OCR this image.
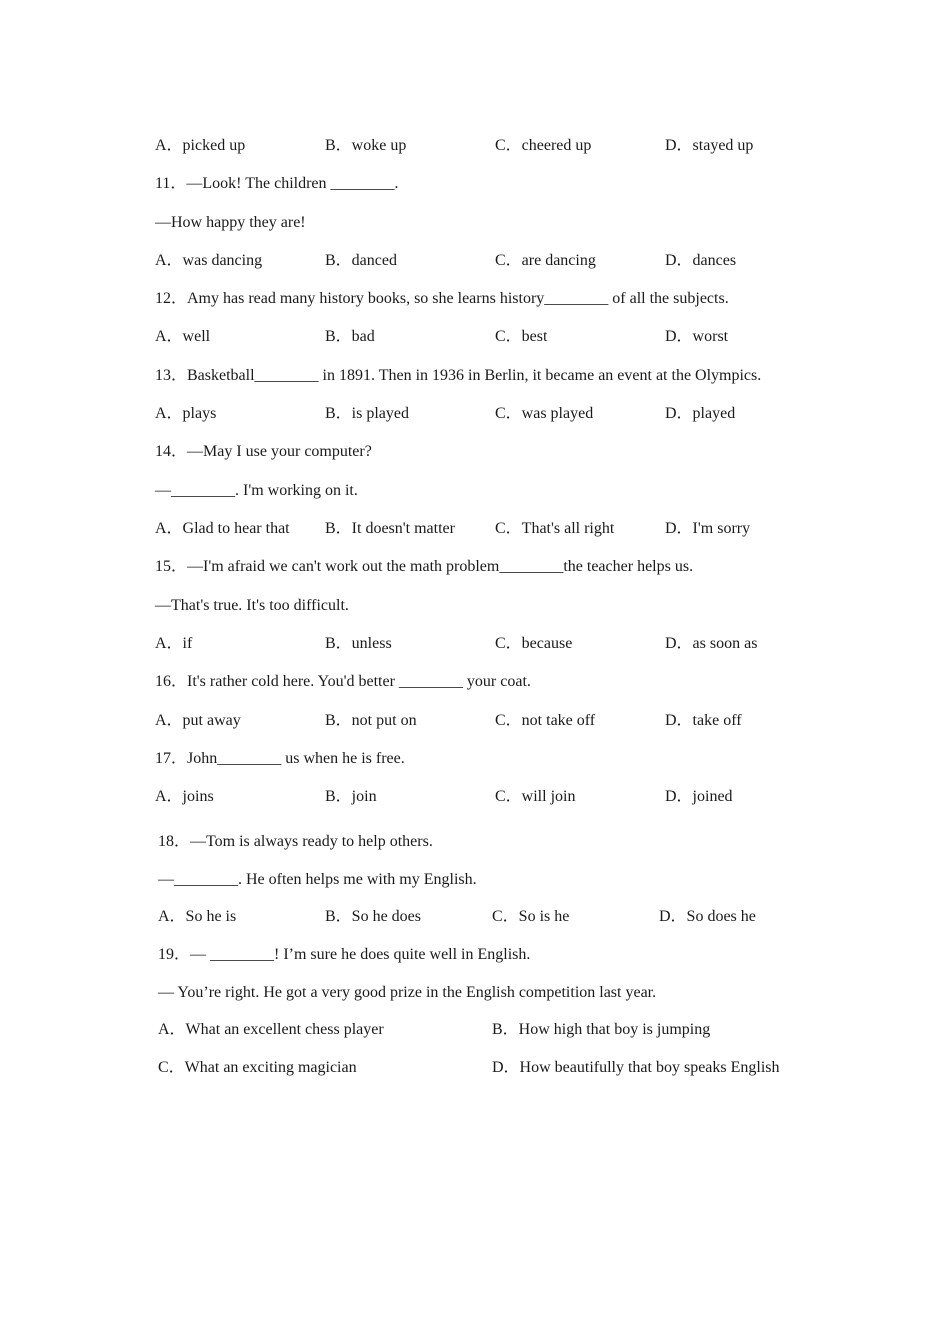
A．picked up	B．woke up	C．cheered up	D．stayed up
11．—Look! The children ________.
—How happy they are!
A．was dancing	B．danced	C．are dancing	D．dances
12．Amy has read many history books, so she learns history________ of all the subjects.
A．well	B．bad	C．best	D．worst
13．Basketball________ in 1891. Then in 1936 in Berlin, it became an event at the Olympics.
A．plays	B．is played	C．was played	D．played
14．—May I use your computer?
—________. I'm working on it.
A．Glad to hear that B．It doesn't matter	C．That's all right	D．I'm sorry
15．—I'm afraid we can't work out the math problem________the teacher helps us.
—That's true. It's too difficult.
A．if	B．unless	C．because	D．as soon as
16．It's rather cold here. You'd better ________ your coat.
A．put away	B．not put on	C．not take off	D．take off
17．John________ us when he is free.
A．joins	B．join	C．will join	D．joined
18．—Tom is always ready to help others.
—________. He often helps me with my English.
A．So he is	B．So he does	C．So is he	D．So does he
19．— ________! I’m sure he does quite well in English.
— You’re right. He got a very good prize in the English competition last year.
A．What an excellent chess player	B．How high that boy is jumping
C．What an exciting magician	D．How beautifully that boy speaks English
